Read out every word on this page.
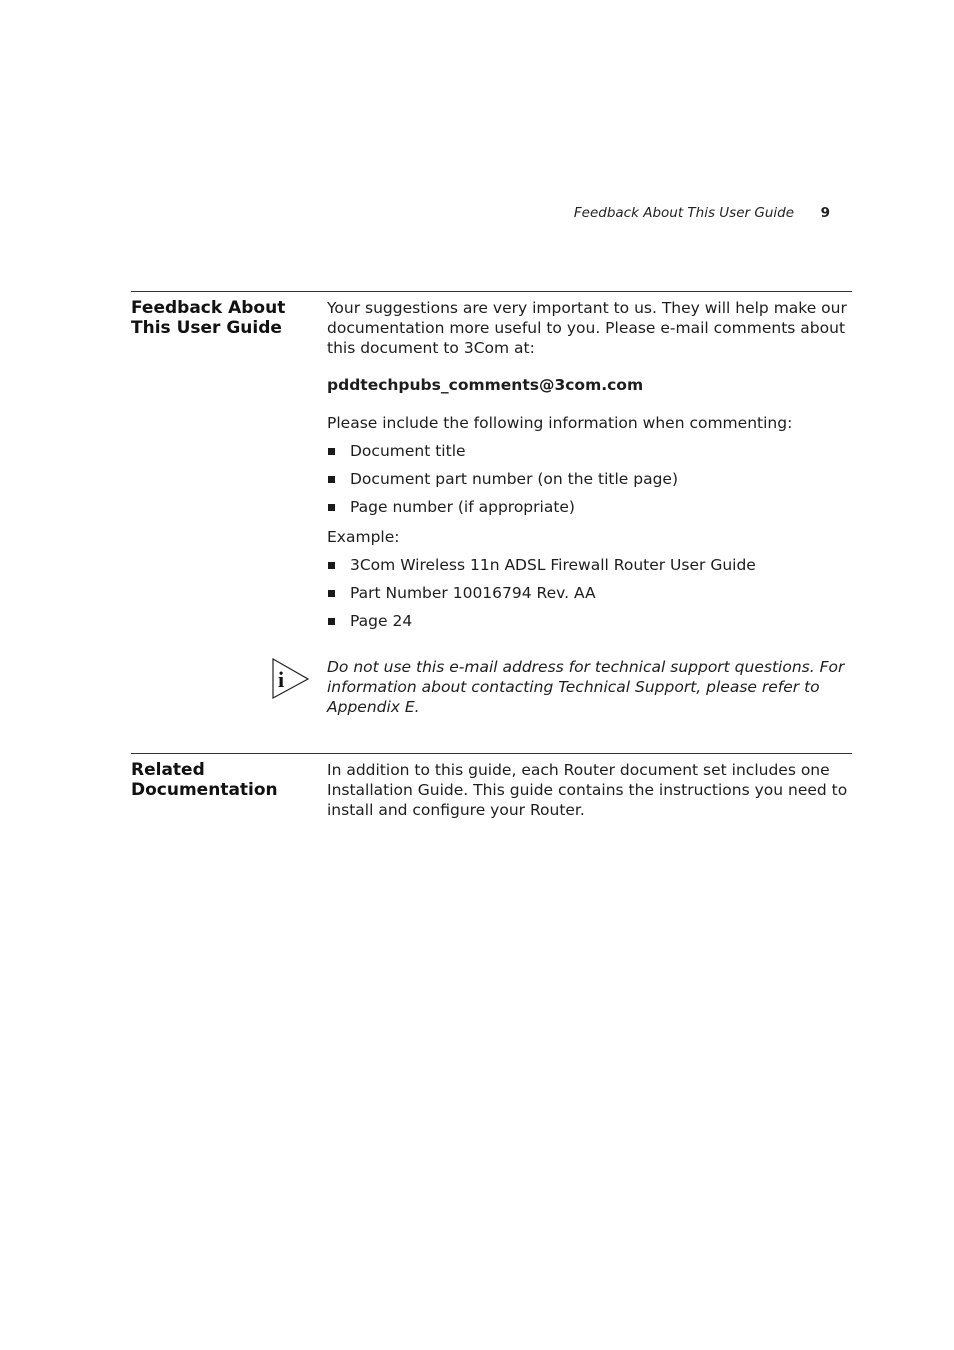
Feedback About This User Guide 9
Feedback About
This User Guide

Your suggestions are very important to us. They will help make our documentation more useful to you. Please e-mail comments about this document to 3Com at:

pddtechpubs_comments@3com.com

Please include the following information when commenting:

Document title
Document part number (on the title page)
Page number (if appropriate)

Example:

3Com Wireless 11n ADSL Firewall Router User Guide
Part Number 10016794 Rev. AA
Page 24
Do not use this e-mail address for technical support questions. For information about contacting Technical Support, please refer to Appendix E.
i
Related
Documentation
In addition to this guide, each Router document set includes one Installation Guide. This guide contains the instructions you need to install and configure your Router.
